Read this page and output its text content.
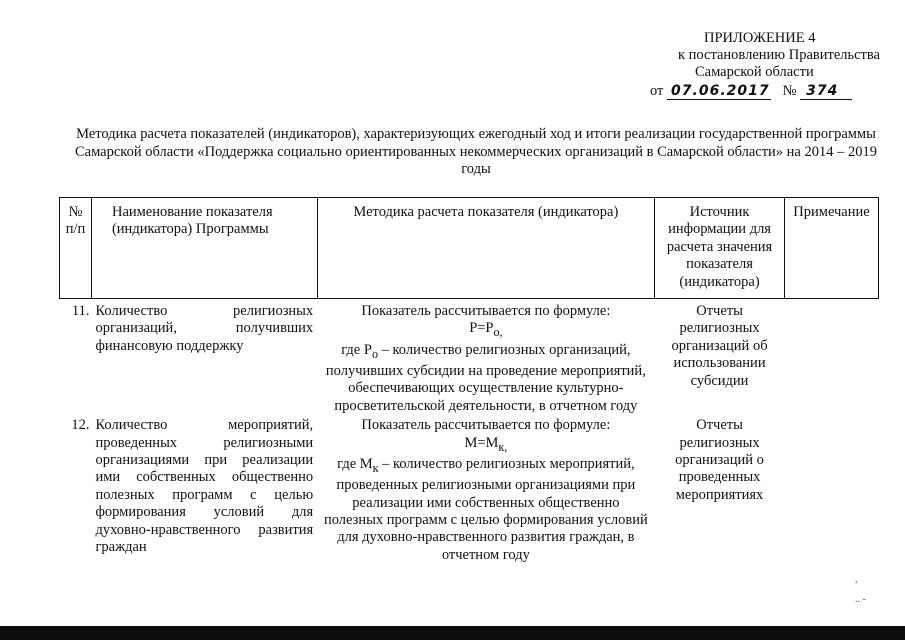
ПРИЛОЖЕНИЕ 4
к постановлению Правительства
Самарской области
от 07.06.2017 № 374
Методика расчета показателей (индикаторов), характеризующих ежегодный ход и итоги реализации государственной программы Самарской области «Поддержка социально ориентированных некоммерческих организаций в Самарской области» на 2014 – 2019 годы
№
п/п	Наименование показателя (индикатора) Программы	Методика расчета показателя (индикатора)	Источник информации для расчета значения показателя (индикатора)	Примечание
11.	Количество религиозных организаций, получивших финансовую поддержку	Показатель рассчитывается по формуле:
$Р=Р_{о,}$
где $Р_о$ – количество религиозных организаций, получивших субсидии на проведение мероприятий, обеспечивающих осуществление культурно-просветительской деятельности, в отчетном году	Отчеты религиозных организаций об использовании субсидии	
12.	Количество мероприятий, проведенных религиозными организациями при реализации ими собственных общественно полезных программ с целью формирования условий для духовно-нравственного развития граждан	Показатель рассчитывается по формуле:
$М=М_{к,}$
где $М_к$ – количество религиозных мероприятий, проведенных религиозными организациями при реализации ими собственных общественно полезных программ с целью формирования условий для духовно-нравственного развития граждан, в отчетном году	Отчеты религиозных организаций о проведенных мероприятиях	
,

.. -
